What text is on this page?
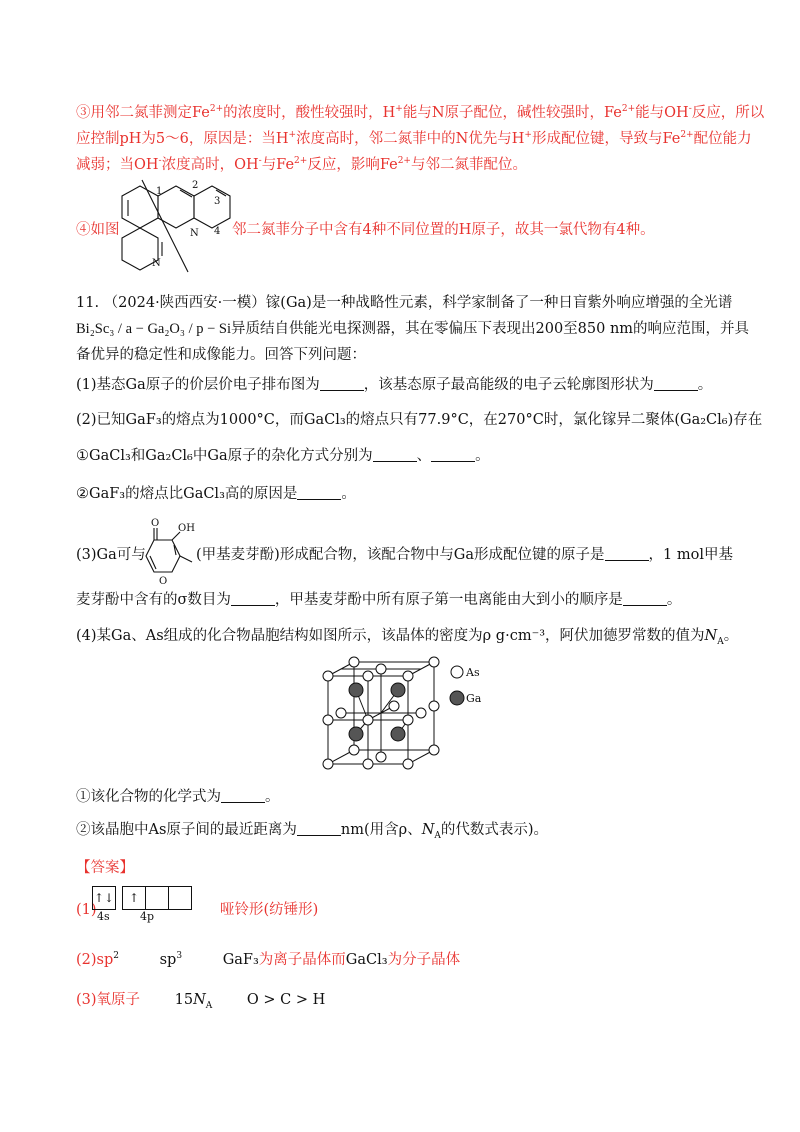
③用邻二氮菲测定$Fe^{2+}$的浓度时，酸性较强时，H+能与N原子配位，碱性较强时，$Fe^{2+}$能与OH-反应，所以
应控制pH为5～6，原因是：当H+浓度高时，邻二氮菲中的N优先与H+形成配位键，导致与$Fe^{2+}$配位能力
减弱；当OH-浓度高时，OH-与$Fe^{2+}$反应，影响$Fe^{2+}$与邻二氮菲配位。
④如图
1
2
3
4
N
N
邻二氮菲分子中含有4种不同位置的H原子，故其一氯代物有4种。
11. （2024·陕西西安·一模）镓(Ga)是一种战略性元素，科学家制备了一种日盲紫外响应增强的全光谱
Bi₂Sc₃ / a − Ga₂O₃ / p − Si异质结自供能光电探测器，其在零偏压下表现出200至850 nm的响应范围，并具
备优异的稳定性和成像能力。回答下列问题：
(1)基态Ga原子的价层价电子排布图为	，该基态原子最高能级的电子云轮廓图形状为	。
(2)已知GaF₃的熔点为1000°C，而GaCl₃的熔点只有77.9°C，在270°C时，氯化镓异二聚体(Ga₂Cl₆)存在
①GaCl₃和Ga₂Cl₆中Ga原子的杂化方式分别为	、	。
②GaF₃的熔点比GaCl₃高的原因是	。
(3)Ga可与
O OH
O
(甲基麦芽酚)形成配合物，该配合物中与Ga形成配位键的原子是	，1 mol甲基
麦芽酚中含有的σ数目为	，甲基麦芽酚中所有原子第一电离能由大到小的顺序是	。
(4)某Ga、As组成的化合物晶胞结构如图所示，该晶体的密度为ρ g·cm⁻³，阿伏加德罗常数的值为$N_A$。
As
Ga
①该化合物的化学式为	。
②该晶胞中As原子间的最近距离为	nm(用含ρ、$N_A$的代数式表示)。
【答案】
(1)
↑↓	↑
4s	4p	哑铃形(纺锤形)
$(2)sp^2$	$sp^3$	GaF₃为离子晶体而GaCl₃为分子晶体
(3)氧原子 $15N_A$ O > C > H
